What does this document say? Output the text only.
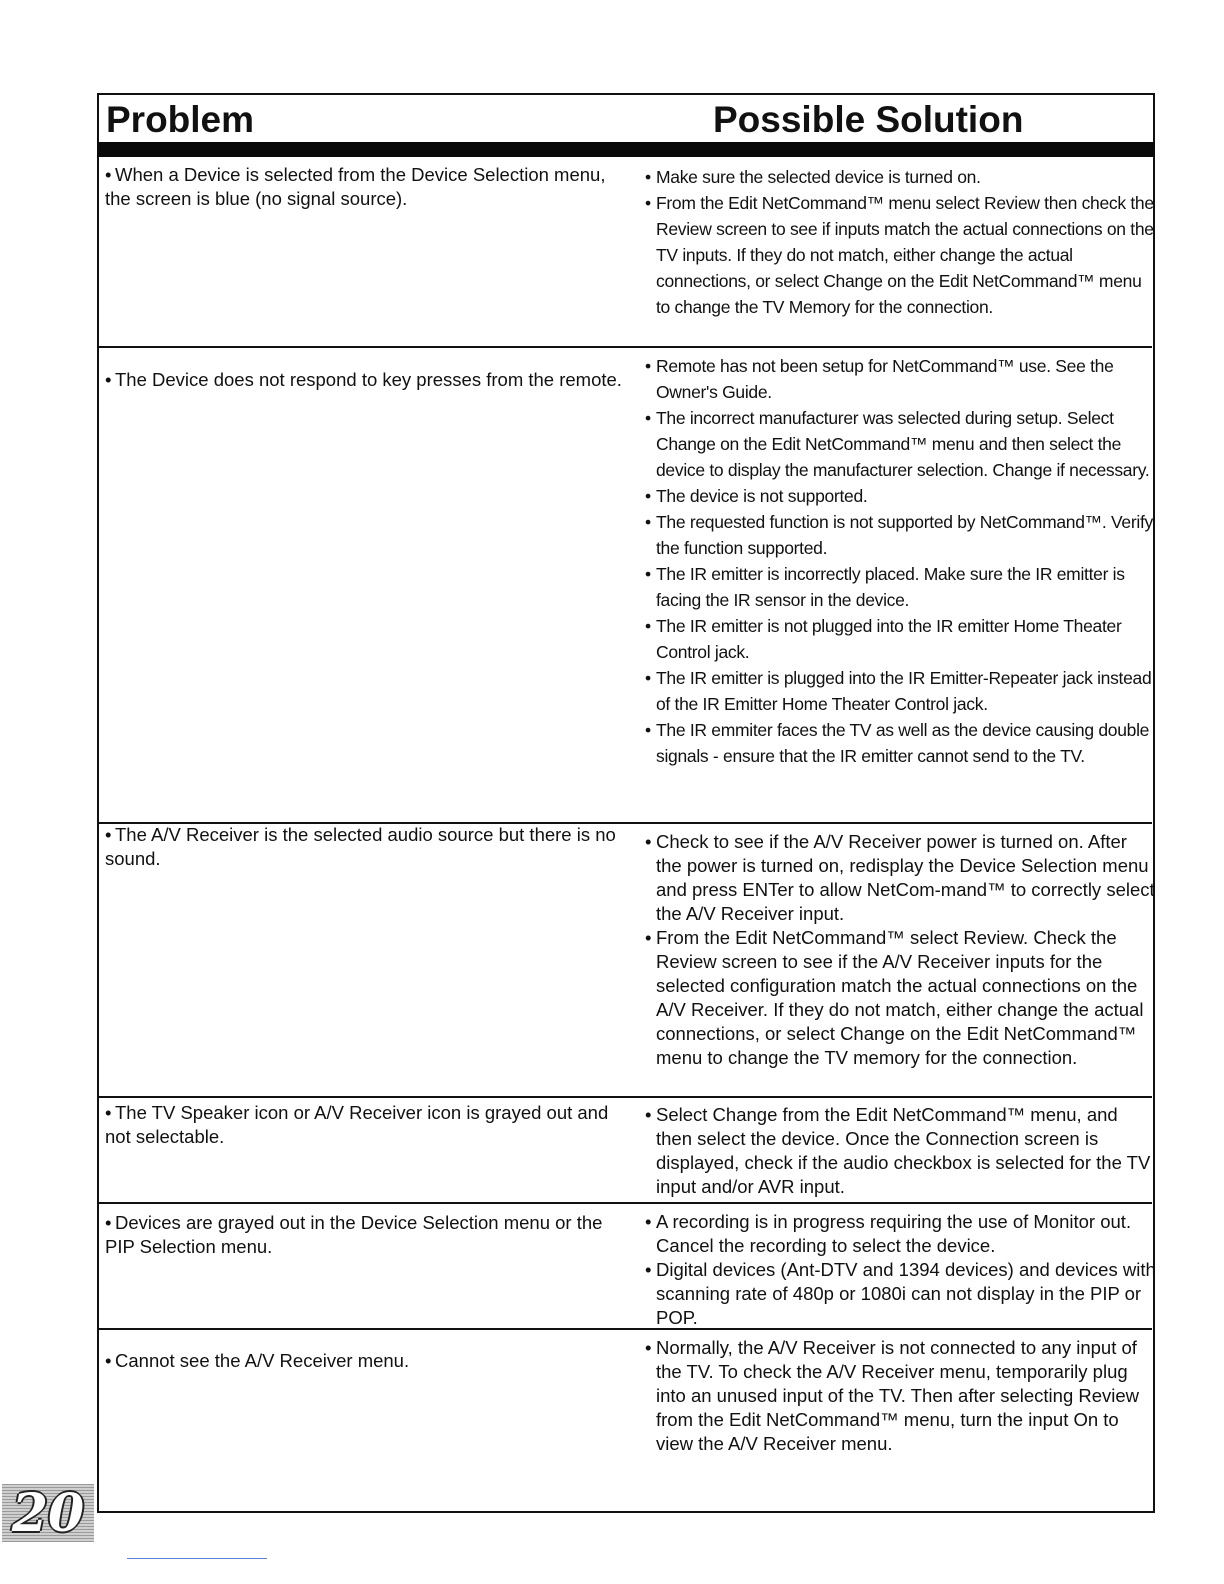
Problem	Possible Solution
• When a Device is selected from the Device Selection menu, the screen is blue (no signal source).
• Make sure the selected device is turned on.
• From the Edit NetCommand™ menu select Review then check the Review screen to see if inputs match the actual connections on the TV inputs. If they do not match, either change the actual connections, or select Change on the Edit NetCommand™ menu to change the TV Memory for the connection.
• The Device does not respond to key presses from the remote.
• Remote has not been setup for NetCommand™ use. See the Owner's Guide.
• The incorrect manufacturer was selected during setup. Select Change on the Edit NetCommand™ menu and then select the device to display the manufacturer selection. Change if necessary.
• The device is not supported.
• The requested function is not supported by NetCommand™. Verify the function supported.
• The IR emitter is incorrectly placed. Make sure the IR emitter is facing the IR sensor in the device.
• The IR emitter is not plugged into the IR emitter Home Theater Control jack.
• The IR emitter is plugged into the IR Emitter-Repeater jack instead of the IR Emitter Home Theater Control jack.
• The IR emmiter faces the TV as well as the device causing double signals - ensure that the IR emitter cannot send to the TV.
• The A/V Receiver is the selected audio source but there is no sound.
• Check to see if the A/V Receiver power is turned on. After the power is turned on, redisplay the Device Selection menu and press ENTer to allow NetCom-mand™ to correctly select the A/V Receiver input.
• From the Edit NetCommand™ select Review. Check the Review screen to see if the A/V Receiver inputs for the selected configuration match the actual connections on the A/V Receiver. If they do not match, either change the actual connections, or select Change on the Edit NetCommand™ menu to change the TV memory for the connection.
• The TV Speaker icon or A/V Receiver icon is grayed out and not selectable.
• Select Change from the Edit NetCommand™ menu, and then select the device. Once the Connection screen is displayed, check if the audio checkbox is selected for the TV input and/or AVR input.
• Devices are grayed out in the Device Selection menu or the PIP Selection menu.
• A recording is in progress requiring the use of Monitor out. Cancel the recording to select the device.
• Digital devices (Ant-DTV and 1394 devices) and devices with scanning rate of 480p or 1080i can not display in the PIP or POP.
• Cannot see the A/V Receiver menu.
• Normally, the A/V Receiver is not connected to any input of the TV. To check the A/V Receiver menu, temporarily plug into an unused input of the TV. Then after selecting Review from the Edit NetCommand™ menu, turn the input On to view the A/V Receiver menu.
20
